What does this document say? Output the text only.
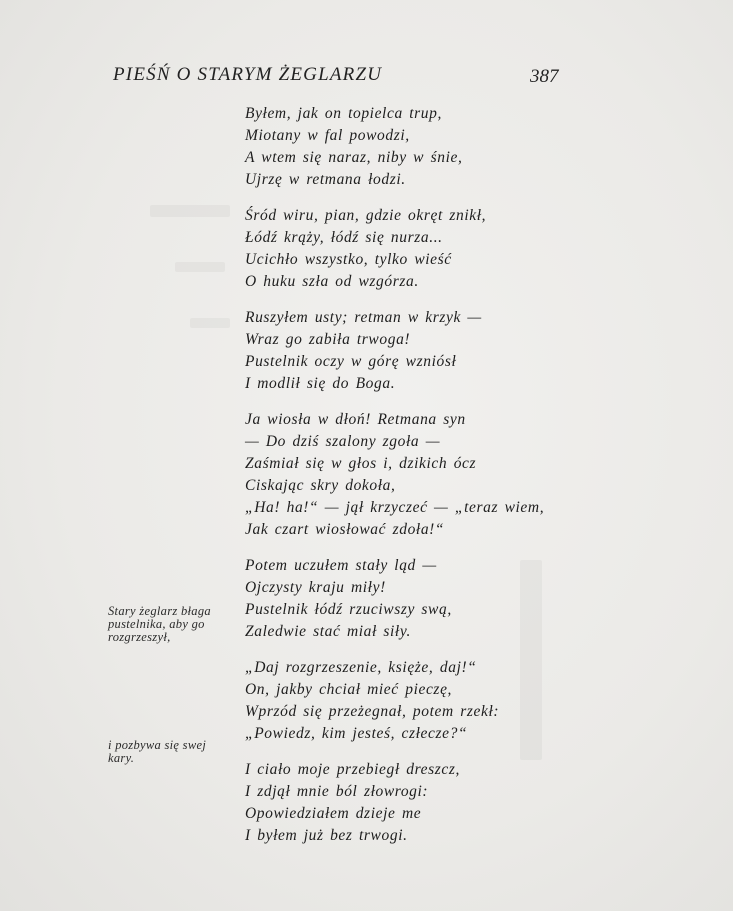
PIEŚŃ O STARYM ŻEGLARZU	387
Byłem, jak on topielca trup,
Miotany w fal powodzi,
A wtem się naraz, niby w śnie,
Ujrzę w retmana łodzi.
Śród wiru, pian, gdzie okręt znikł,
Łódź krąży, łódź się nurza...
Ucichło wszystko, tylko wieść
O huku szła od wzgórza.
Ruszyłem usty; retman w krzyk —
Wraz go zabiła trwoga!
Pustelnik oczy w górę wzniósł
I modlił się do Boga.
Ja wiosła w dłoń! Retmana syn
— Do dziś szalony zgoła —
Zaśmiał się w głos i, dzikich ócz
Ciskając skry dokoła,
„Ha! ha!“ — jął krzyczeć — „teraz wiem,
Jak czart wiosłować zdoła!“
Potem uczułem stały ląd —
Ojczysty kraju miły!
Pustelnik łódź rzuciwszy swą,
Zaledwie stać miał siły.
„Daj rozgrzeszenie, księże, daj!“
On, jakby chciał mieć pieczę,
Wprzód się przeżegnał, potem rzekł:
„Powiedz, kim jesteś, człecze?“
I ciało moje przebiegł dreszcz,
I zdjął mnie ból złowrogi:
Opowiedziałem dzieje me
I byłem już bez trwogi.
Stary żeglarz błaga
pustelnika, aby go
rozgrzeszył,
i pozbywa się swej
kary.
